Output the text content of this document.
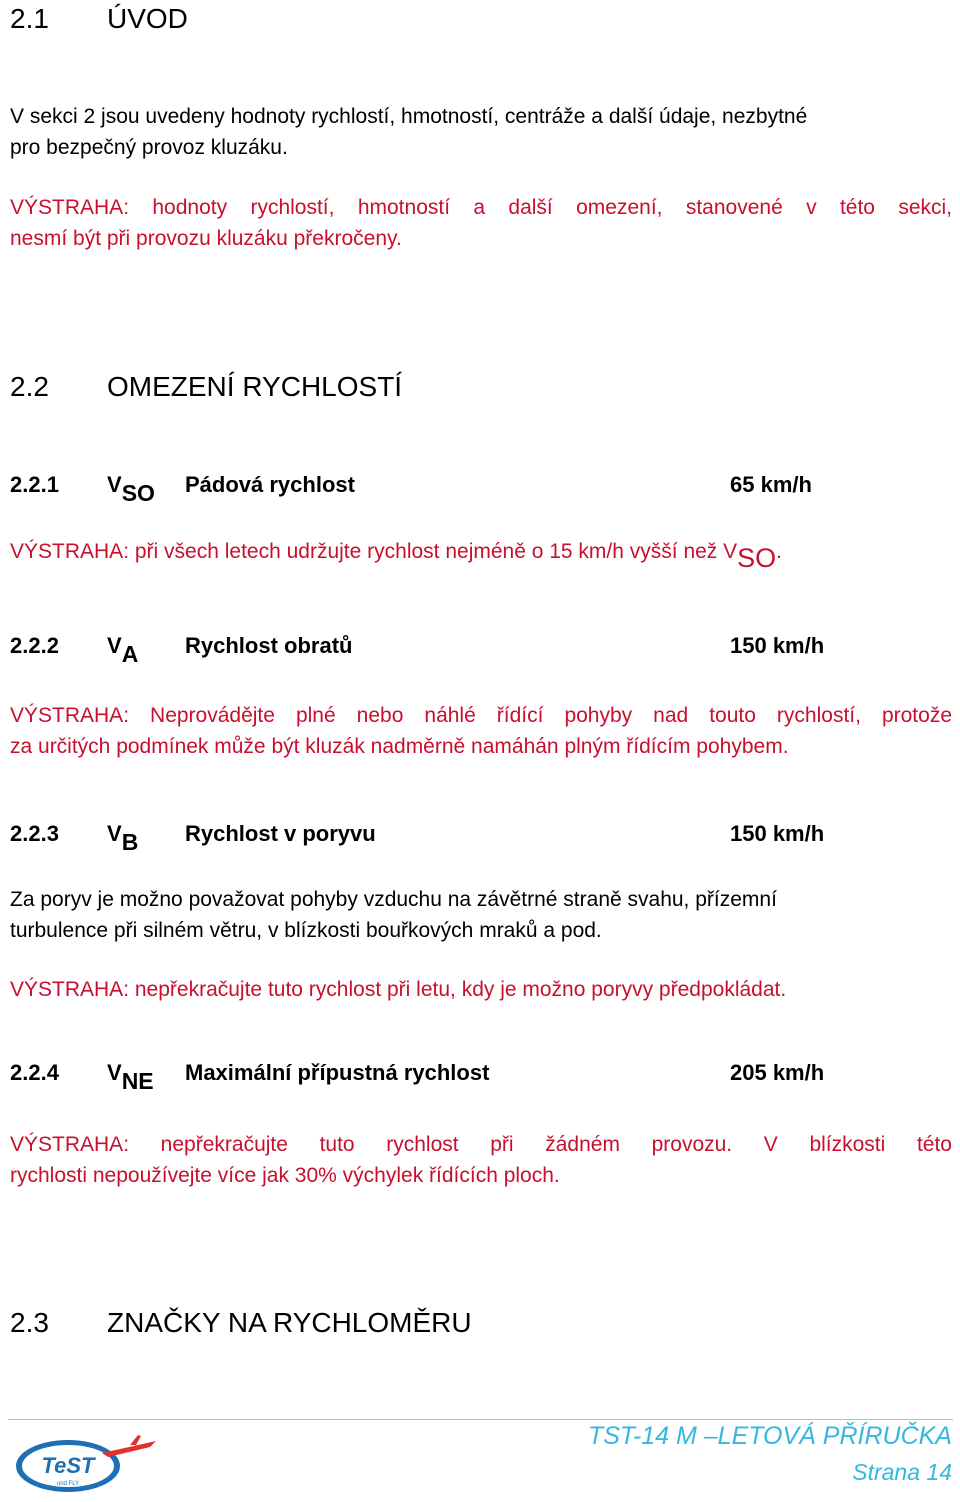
2.1 ÚVOD
V sekci 2 jsou uvedeny hodnoty rychlostí, hmotností, centráže a další údaje, nezbytné
pro bezpečný provoz kluzáku.
VÝSTRAHA: hodnoty rychlostí, hmotností a další omezení, stanovené v této sekci,
nesmí být při provozu kluzáku překročeny.
2.2 OMEZENÍ RYCHLOSTÍ
2.2.1 VSO Pádová rychlost	65 km/h
VÝSTRAHA: při všech letech udržujte rychlost nejméně o 15 km/h vyšší než VSO.
2.2.2 VA Rychlost obratů	150 km/h
VÝSTRAHA: Neprovádějte plné nebo náhlé řídící pohyby nad touto rychlostí, protože
za určitých podmínek může být kluzák nadměrně namáhán plným řídícím pohybem.
2.2.3 VB Rychlost v poryvu	150 km/h
Za poryv je možno považovat pohyby vzduchu na závětrné straně svahu, přízemní
turbulence při silném větru, v blízkosti bouřkových mraků a pod.
VÝSTRAHA: nepřekračujte tuto rychlost při letu, kdy je možno poryvy předpokládat.
2.2.4 VNE Maximální přípustná rychlost	205 km/h
VÝSTRAHA: nepřekračujte tuto rychlost při žádném provozu. V blízkosti této
rychlosti nepoužívejte více jak 30% výchylek řídících ploch.
2.3 ZNAČKY NA RYCHLOMĚRU
TeST
und FLY
TST-14 M –LETOVÁ PŘÍRUČKA
Strana 14
